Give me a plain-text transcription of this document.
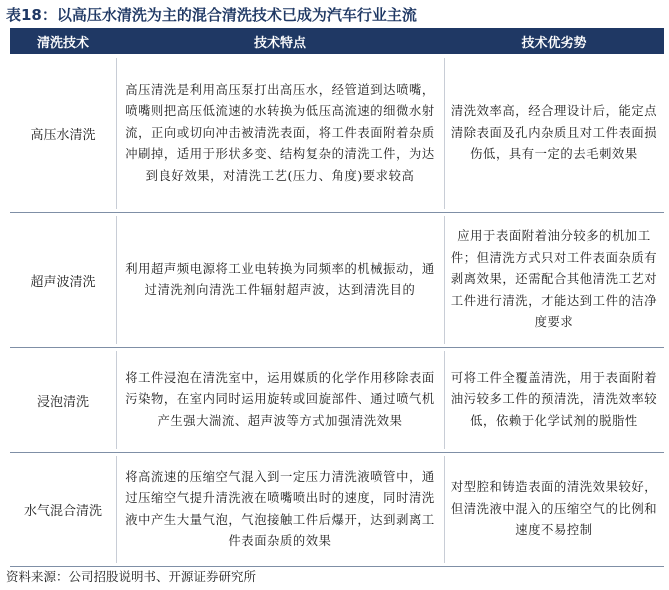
表18：以高压水清洗为主的混合清洗技术已成为汽车行业主流
清洗技术	技术特点	技术优劣势
高压水清洗
高压清洗是利用高压泵打出高压水，经管道到达喷嘴，喷嘴则把高压低流速的水转换为低压高流速的细微水射流，正向或切向冲击被清洗表面，将工件表面附着杂质冲刷掉，适用于形状多变、结构复杂的清洗工件，为达到良好效果，对清洗工艺(压力、角度)要求较高
清洗效率高，经合理设计后，能定点清除表面及孔内杂质且对工件表面损伤低，具有一定的去毛刺效果
超声波清洗
利用超声频电源将工业电转换为同频率的机械振动，通过清洗剂向清洗工件辐射超声波，达到清洗目的
应用于表面附着油分较多的机加工件；但清洗方式只对工件表面杂质有剥离效果，还需配合其他清洗工艺对工件进行清洗，才能达到工件的洁净度要求
浸泡清洗
将工件浸泡在清洗室中，运用媒质的化学作用移除表面污染物，在室内同时运用旋转或回旋部件、通过喷气机产生强大湍流、超声波等方式加强清洗效果
可将工件全覆盖清洗，用于表面附着油污较多工件的预清洗，清洗效率较低，依赖于化学试剂的脱脂性
水气混合清洗
将高流速的压缩空气混入到一定压力清洗液喷管中，通过压缩空气提升清洗液在喷嘴喷出时的速度，同时清洗液中产生大量气泡，气泡接触工件后爆开，达到剥离工件表面杂质的效果
对型腔和铸造表面的清洗效果较好，但清洗液中混入的压缩空气的比例和速度不易控制
资料来源：公司招股说明书、开源证券研究所
